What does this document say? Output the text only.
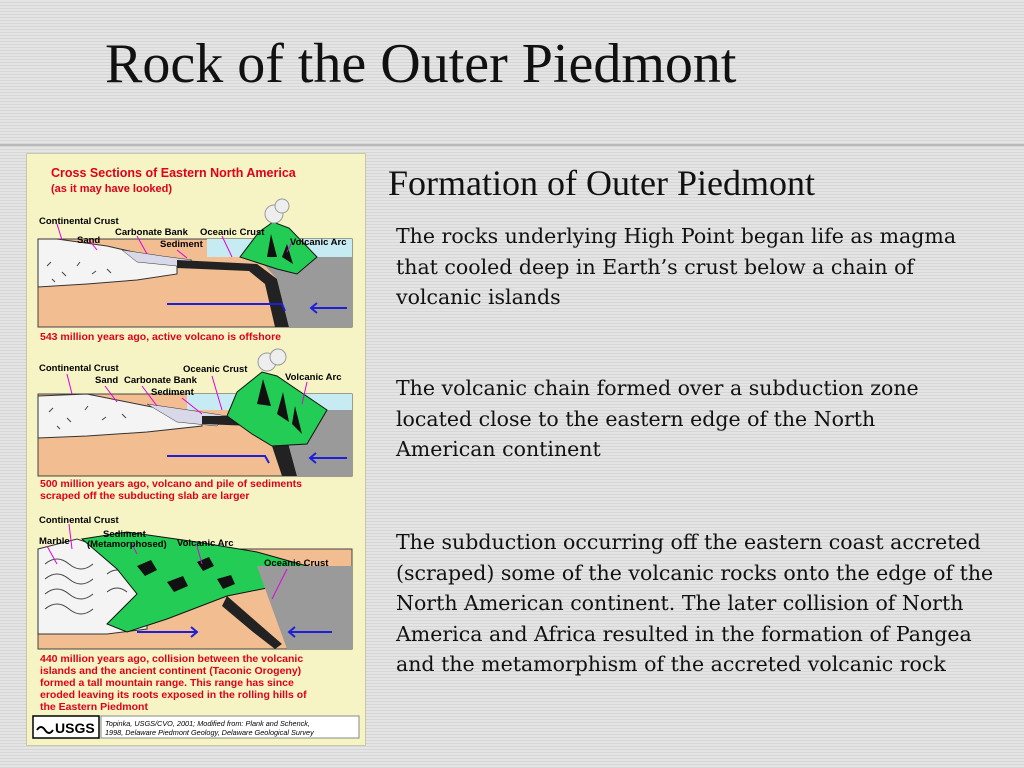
Rock of the Outer Piedmont
Cross Sections of Eastern North America
(as it may have looked)
Continental Crust
Sand
Carbonate Bank
Sediment
Oceanic Crust
Volcanic Arc
543 million years ago, active volcano is offshore
Continental Crust
Sand Carbonate Bank
Sediment
Oceanic Crust
Volcanic Arc
500 million years ago, volcano and pile of sediments
scraped off the subducting slab are larger
Continental Crust
Marble
Sediment
(Metamorphosed) Volcanic Arc
Oceanic Crust
440 million years ago, collision between the volcanic
islands and the ancient continent (Taconic Orogeny)
formed a tall mountain range. This range has since
eroded leaving its roots exposed in the rolling hills of
the Eastern Piedmont
USGS Topinka, USGS/CVO, 2001; Modified from: Plank and Schenck,
1998, Delaware Piedmont Geology, Delaware Geological Survey
Formation of Outer Piedmont

The rocks underlying High Point began life as magma that cooled deep in Earth’s crust below a chain of volcanic islands

The volcanic chain formed over a subduction zone located close to the eastern edge of the North American continent

The subduction occurring off the eastern coast accreted (scraped) some of the volcanic rocks onto the edge of the North American continent. The later collision of North America and Africa resulted in the formation of Pangea and the metamorphism of the accreted volcanic rock
